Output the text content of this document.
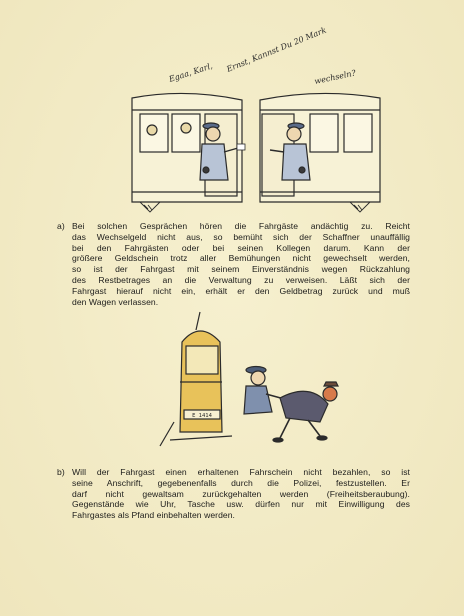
Egaa, Karl, Ernst, Kannst Du 20 Mark
wechseln?
a) Bei solchen Gesprächen hören die Fahrgäste andächtig zu. Reicht
das Wechselgeld nicht aus, so bemüht sich der Schaffner unauffällig
bei den Fahrgästen oder bei seinen Kollegen darum. Kann der
größere Geldschein trotz aller Bemühungen nicht gewechselt werden,
so ist der Fahrgast mit seinem Einverständnis wegen Rückzahlung
des Restbetrages an die Verwaltung zu verweisen. Läßt sich der
Fahrgast hierauf nicht ein, erhält er den Geldbetrag zurück und muß
den Wagen verlassen.
E 1414
b) Will der Fahrgast einen erhaltenen Fahrschein nicht bezahlen, so ist
seine Anschrift, gegebenenfalls durch die Polizei, festzustellen. Er
darf nicht gewaltsam zurückgehalten werden (Freiheitsberaubung).
Gegenstände wie Uhr, Tasche usw. dürfen nur mit Einwilligung des
Fahrgastes als Pfand einbehalten werden.
